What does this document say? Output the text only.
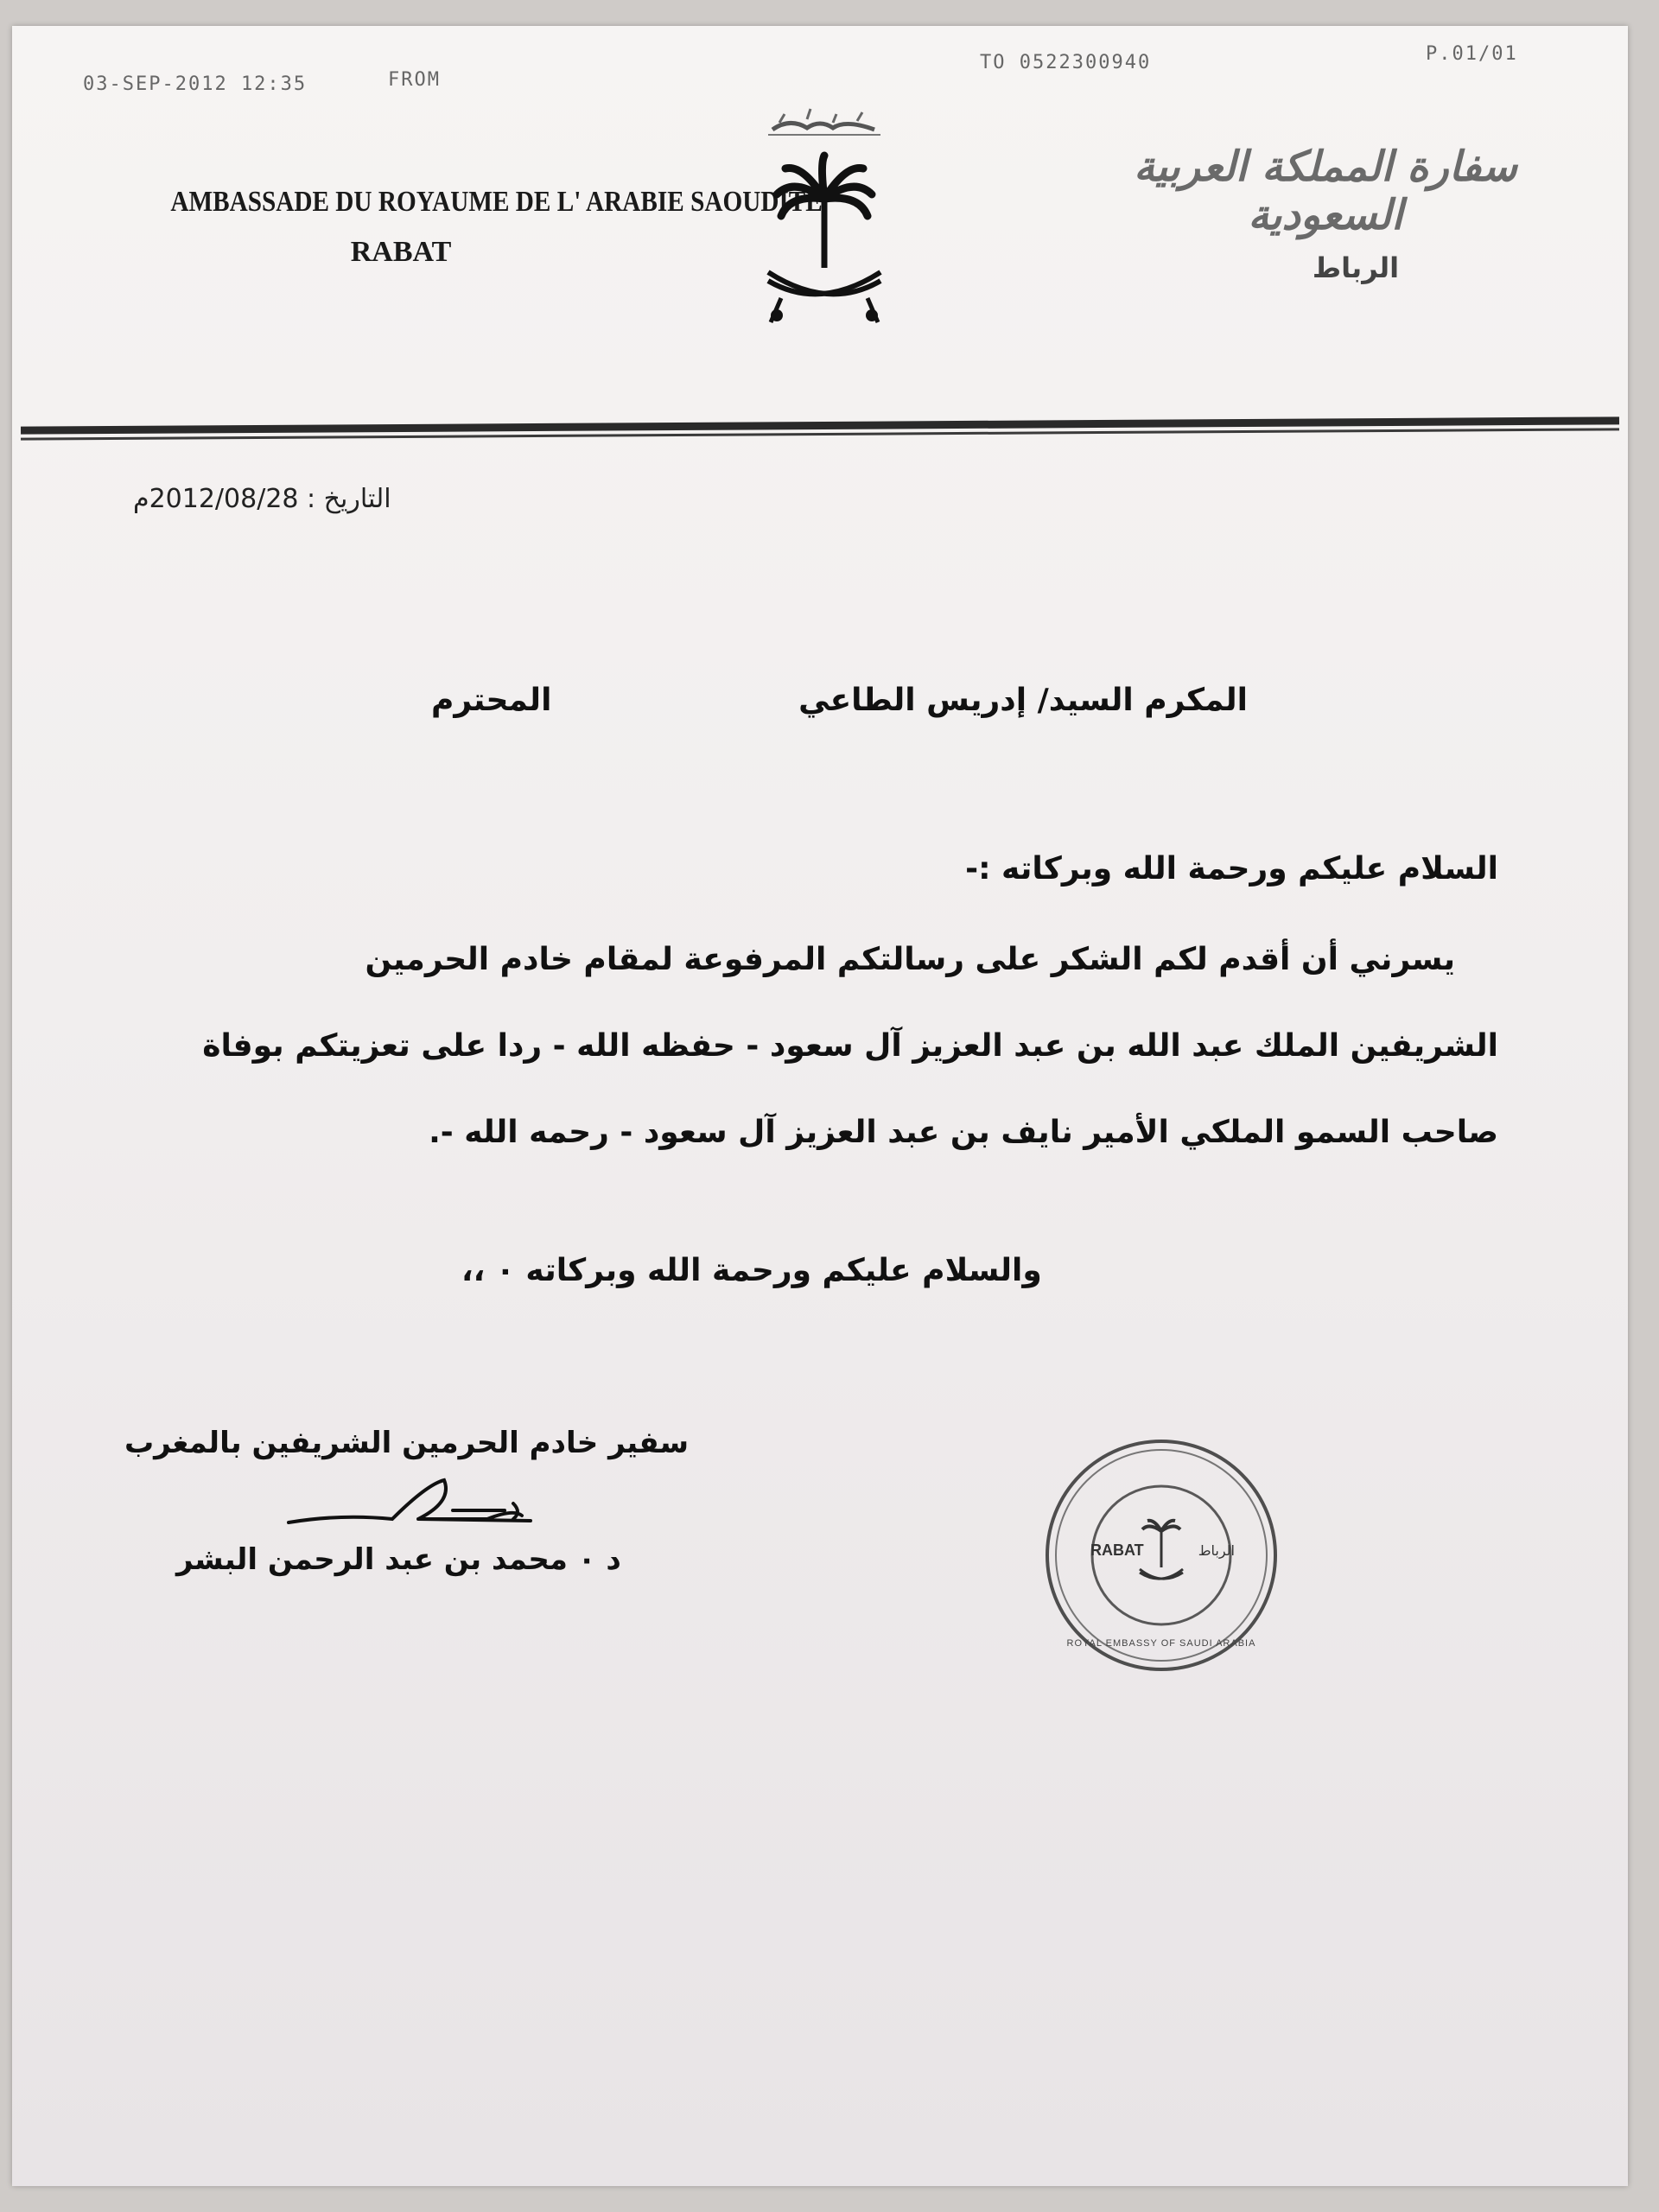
03-SEP-2012 12:35	FROM
TO 0522300940	P.01/01
AMBASSADE DU ROYAUME DE L' ARABIE SAOUDITE
RABAT
سفارة المملكة العربية السعودية
الرباط
التاريخ : 2012/08/28م
المكرم السيد/ إدريس الطاعي
المحترم
السلام عليكم ورحمة الله وبركاته :-
يسرني أن أقدم لكم الشكر على رسالتكم المرفوعة لمقام خادم الحرمين
الشريفين الملك عبد الله بن عبد العزيز آل سعود - حفظه الله - ردا على تعزيتكم بوفاة
صاحب السمو الملكي الأمير نايف بن عبد العزيز آل سعود - رحمه الله -.
والسلام عليكم ورحمة الله وبركاته ٠ ،،
سفير خادم الحرمين الشريفين بالمغرب
د ٠ محمد بن عبد الرحمن البشر	RABAT	الرباط
ROYAL EMBASSY OF SAUDI ARABIA
